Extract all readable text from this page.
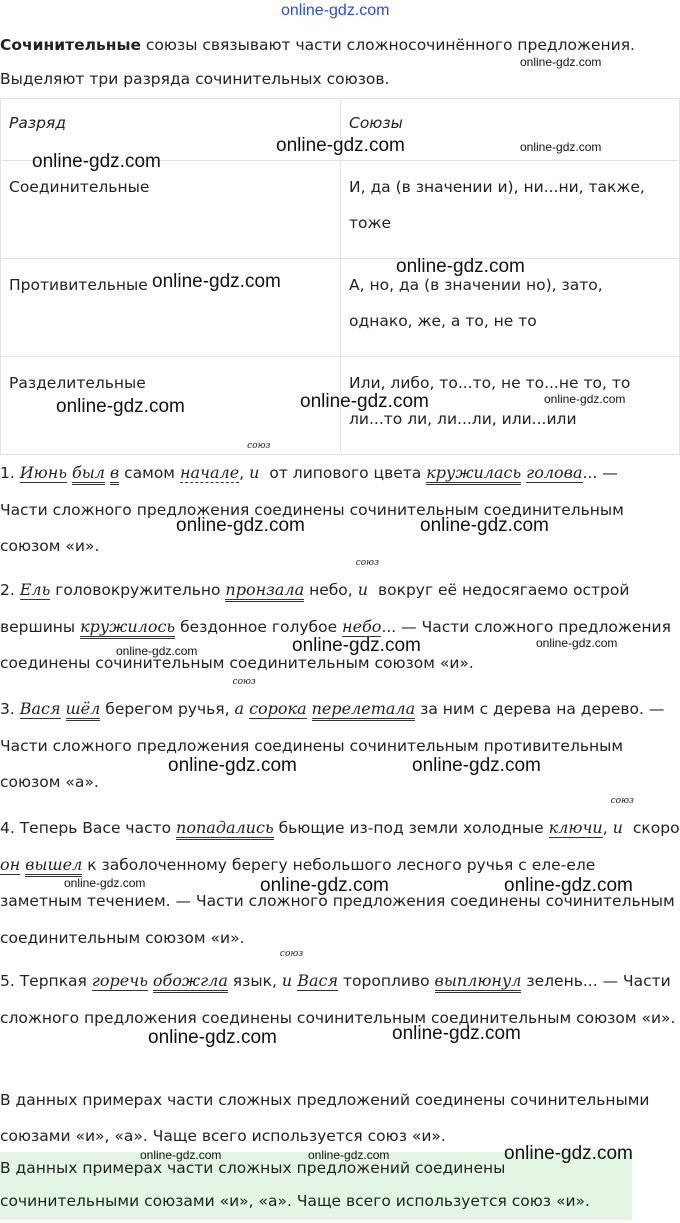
online-gdz.com
Сочинительные союзы связывают части сложносочинённого предложения.
Выделяют три разряда сочинительных союзов.
Разряд	Союзы
Соединительные	И, да (в значении и), ни...ни, также, тоже
Противительные	А, но, да (в значении но), зато, однако, же, а то, не то
Разделительные	Или, либо, то...то, не то...не то, то ли...то ли, ли...ли, или...или
1. Июнь был в самом начале,
союз
и от липового цвета кружилась голова... —
Части сложного предложения соединены сочинительным соединительным союзом «и».
2. Ель головокружительно пронзала небо,
союз
и вокруг её недосягаемо острой вершины кружилось бездонное голубое небо... — Части сложного предложения соединены сочинительным соединительным союзом «и».
3. Вася шёл берегом ручья,
союз
а сорока перелетала за ним с дерева на дерево. — Части сложного предложения соединены сочинительным противительным союзом «а».
4. Теперь Васе часто попадались бьющие из-под земли холодные ключи,
союз
и скоро он вышел к заболоченному берегу небольшого лесного ручья с еле-еле заметным течением. — Части сложного предложения соединены сочинительным соединительным союзом «и».
5. Терпкая горечь обожгла язык,
союз
и Вася торопливо выплюнул зелень... — Части сложного предложения соединены сочинительным соединительным союзом «и».
В данных примерах части сложных предложений соединены сочинительными союзами «и», «а». Чаще всего используется союз «и».
В данных примерах части сложных предложений соединены сочинительными союзами «и», «а». Чаще всего используется союз «и».
online-gdz.com
online-gdz.com
online-gdz.com	online-gdz.com
online-gdz.com
online-gdz.com
online-gdz.com	online-gdz.com	online-gdz.com
online-gdz.com	online-gdz.com
online-gdz.com	online-gdz.com	online-gdz.com
online-gdz.com	online-gdz.com
online-gdz.com	online-gdz.com	online-gdz.com
online-gdz.com	online-gdz.com
online-gdz.com	online-gdz.com	online-gdz.com
